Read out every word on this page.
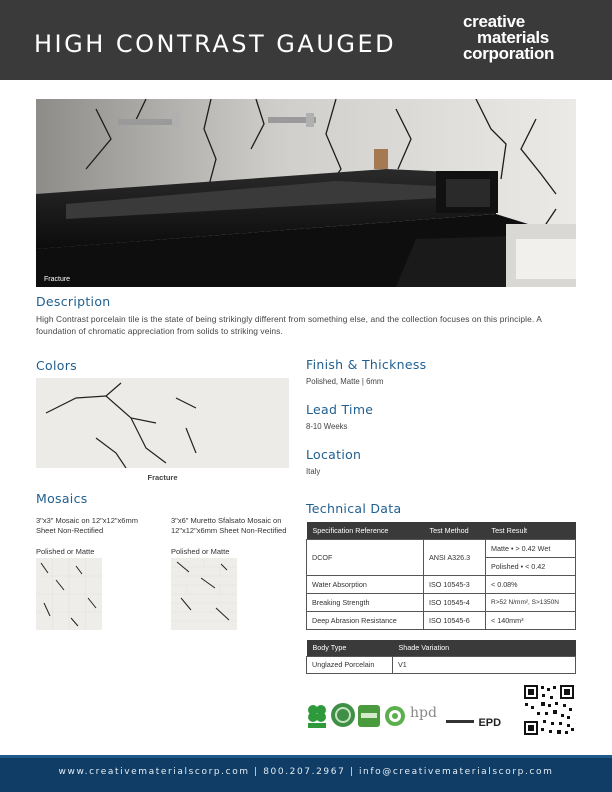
HIGH CONTRAST GAUGED
creative
materials
corporation
Fracture
Description
High Contrast porcelain tile is the state of being strikingly different from something else, and the collection focuses on this principle. A foundation of chromatic appreciation from solids to striking veins.
Colors
Fracture
Mosaics
3"x3" Mosaic on 12"x12"x6mm Sheet Non-Rectified
Polished or Matte
3"x6" Muretto Sfalsato Mosaic on 12"x12"x6mm Sheet Non-Rectified
Polished or Matte
Finish & Thickness
Polished, Matte | 6mm
Lead Time
8-10 Weeks
Location
Italy
Technical Data
Specification Reference	Test Method	Test Result
DCOF	ANSI A326.3	Matte • > 0.42 Wet
		Polished • < 0.42
Water Absorption	ISO 10545-3	< 0.08%
Breaking Strength	ISO 10545-4	R>52 N/mm², S>1350N
Deep Abrasion Resistance	ISO 10545-6	< 140mm³
Body Type	Shade Variation
Unglazed Porcelain	V1
hpd
EPD
www.creativematerialscorp.com | 800.207.2967 | info@creativematerialscorp.com
